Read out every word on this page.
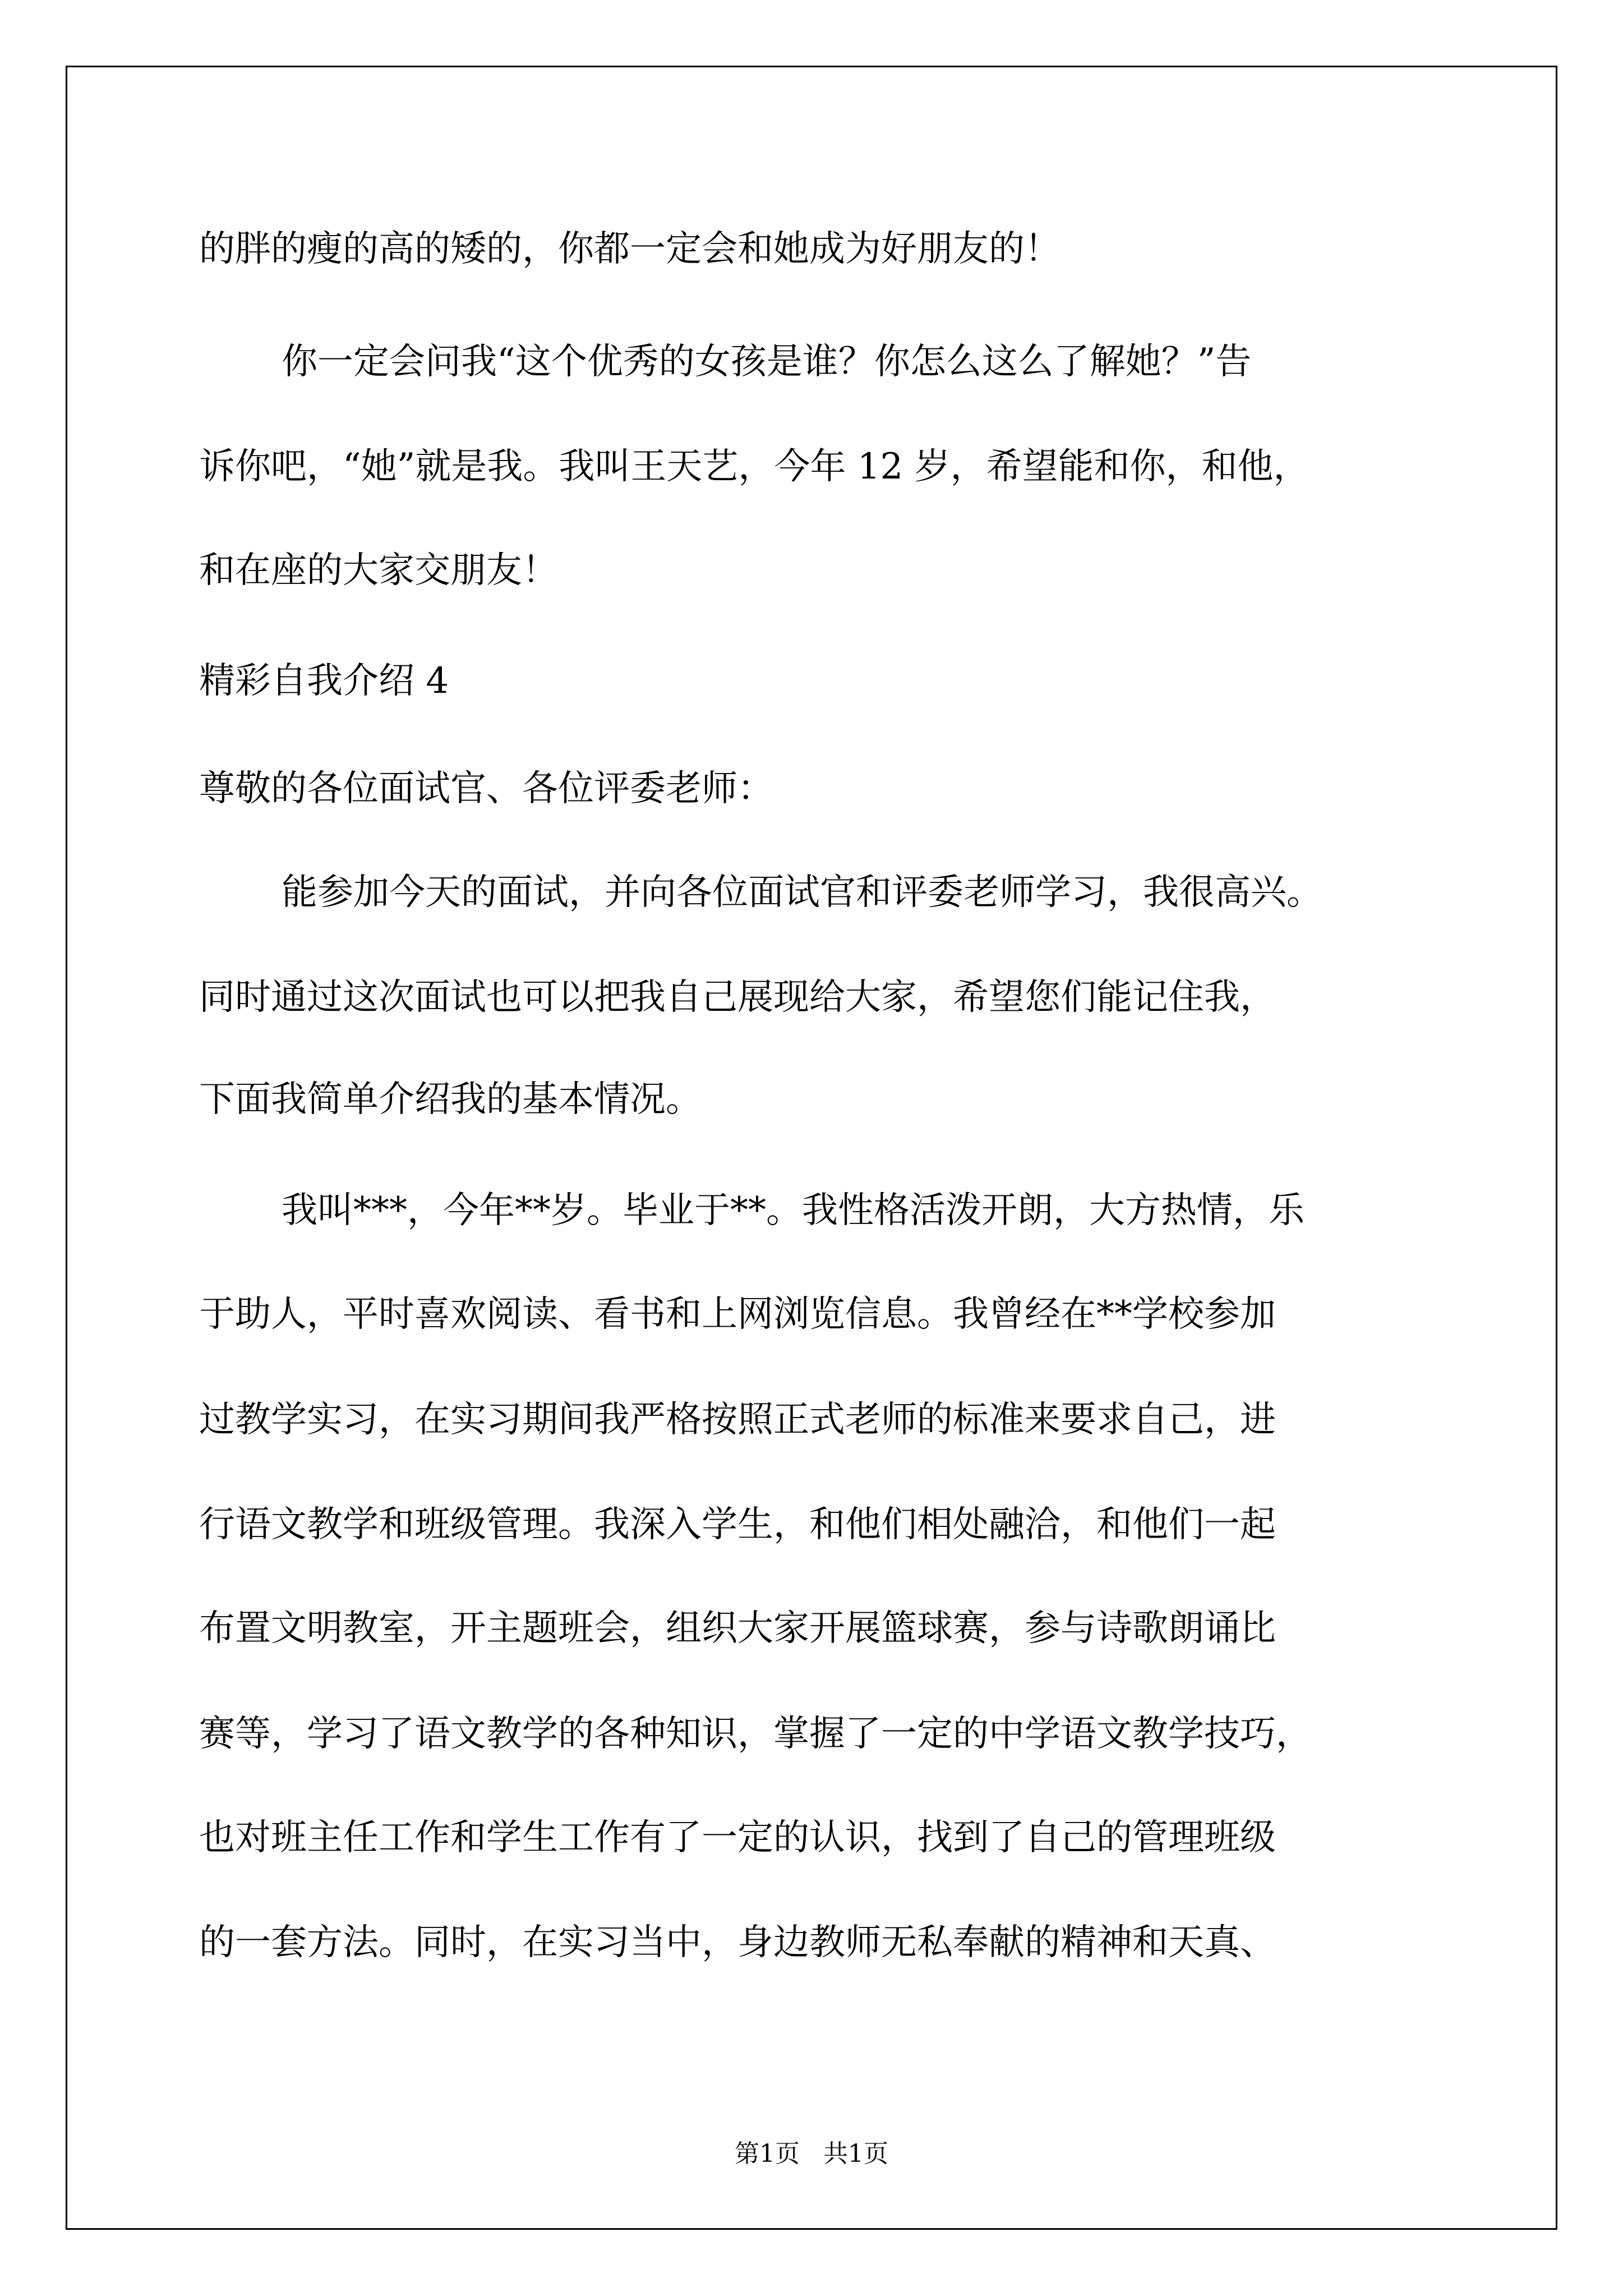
的胖的瘦的高的矮的，你都一定会和她成为好朋友的！

你一定会问我“这个优秀的女孩是谁？你怎么这么了解她？”告

诉你吧，“她”就是我。我叫王天艺，今年 12 岁，希望能和你，和他，

和在座的大家交朋友！

精彩自我介绍 4

尊敬的各位面试官、各位评委老师：

能参加今天的面试，并向各位面试官和评委老师学习，我很高兴。

同时通过这次面试也可以把我自己展现给大家，希望您们能记住我，

下面我简单介绍我的基本情况。

我叫***，今年**岁。毕业于**。我性格活泼开朗，大方热情，乐

于助人，平时喜欢阅读、看书和上网浏览信息。我曾经在**学校参加

过教学实习，在实习期间我严格按照正式老师的标准来要求自己，进

行语文教学和班级管理。我深入学生，和他们相处融洽，和他们一起

布置文明教室，开主题班会，组织大家开展篮球赛，参与诗歌朗诵比

赛等，学习了语文教学的各种知识，掌握了一定的中学语文教学技巧，

也对班主任工作和学生工作有了一定的认识，找到了自己的管理班级

的一套方法。同时，在实习当中，身边教师无私奉献的精神和天真、

第1页   共1页
